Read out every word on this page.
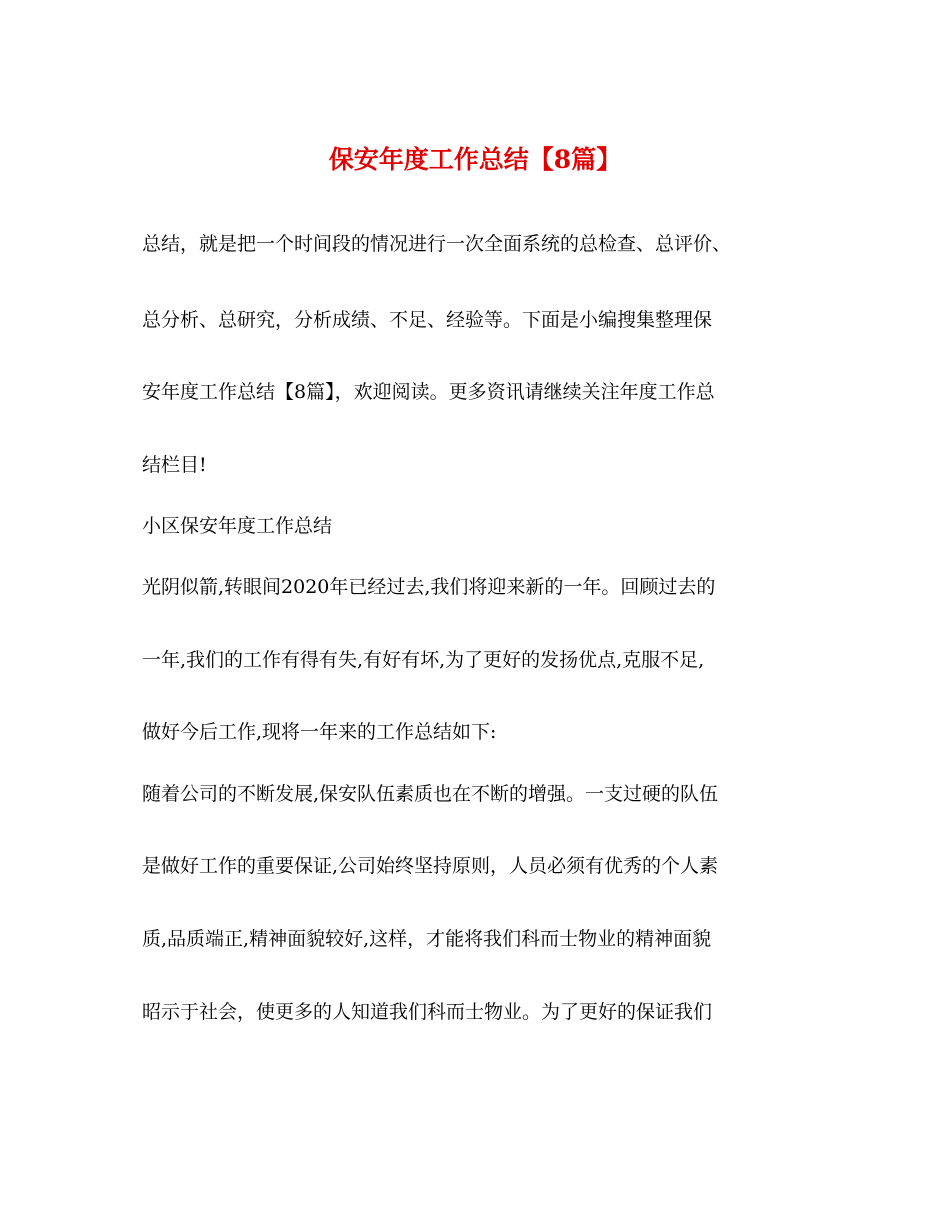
保安年度工作总结【8篇】

总结，就是把一个时间段的情况进行一次全面系统的总检查、总评价、

总分析、总研究，分析成绩、不足、经验等。下面是小编搜集整理保

安年度工作总结【8篇】，欢迎阅读。更多资讯请继续关注年度工作总

结栏目!

小区保安年度工作总结

光阴似箭,转眼间2020年已经过去,我们将迎来新的一年。回顾过去的

一年,我们的工作有得有失,有好有坏,为了更好的发扬优点,克服不足,

做好今后工作,现将一年来的工作总结如下:

随着公司的不断发展,保安队伍素质也在不断的增强。一支过硬的队伍

是做好工作的重要保证,公司始终坚持原则，人员必须有优秀的个人素

质,品质端正,精神面貌较好,这样，才能将我们科而士物业的精神面貌

昭示于社会，使更多的人知道我们科而士物业。为了更好的保证我们
